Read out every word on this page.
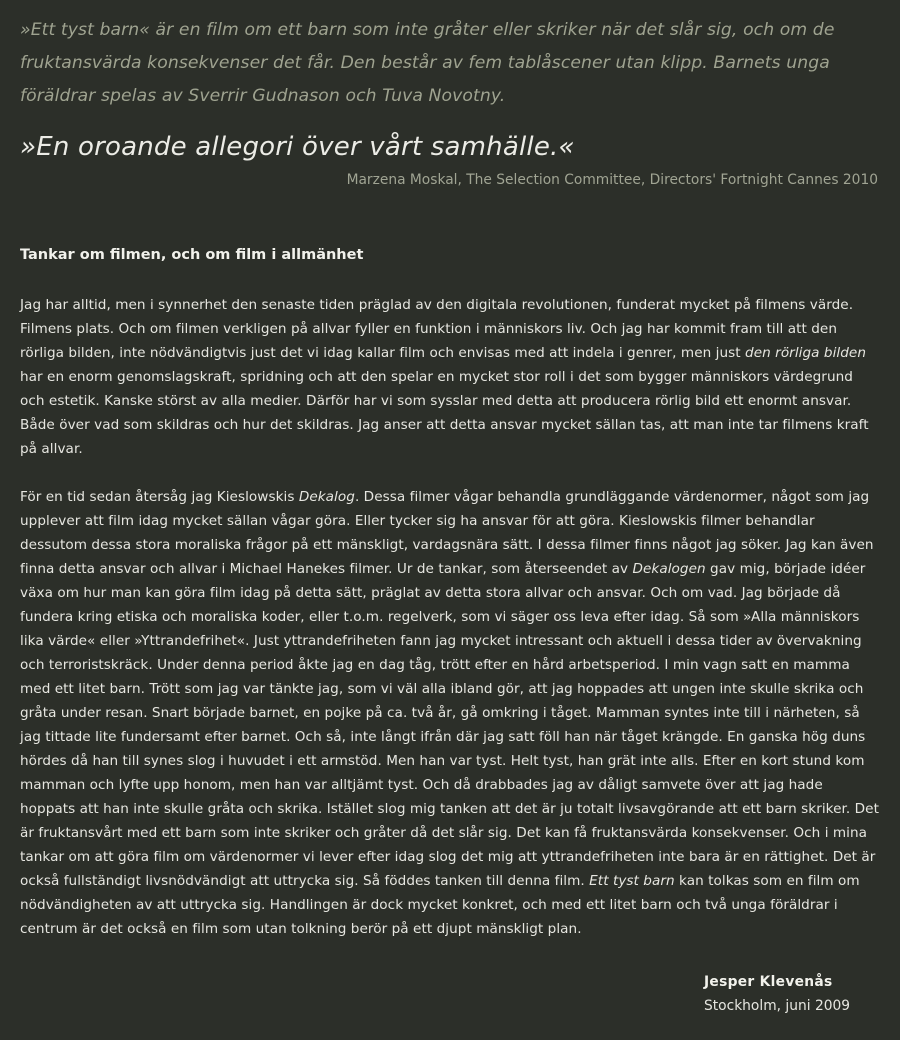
»Ett tyst barn« är en film om ett barn som inte gråter eller skriker när det slår sig, och om de fruktansvärda konsekvenser det får. Den består av fem tablåscener utan klipp. Barnets unga föräldrar spelas av Sverrir Gudnason och Tuva Novotny.

»En oroande allegori över vårt samhälle.«

Marzena Moskal, The Selection Committee, Directors' Fortnight Cannes 2010

Tankar om filmen, och om film i allmänhet

Jag har alltid, men i synnerhet den senaste tiden präglad av den digitala revolutionen, funderat mycket på filmens värde. Filmens plats. Och om filmen verkligen på allvar fyller en funktion i människors liv. Och jag har kommit fram till att den rörliga bilden, inte nödvändigtvis just det vi idag kallar film och envisas med att indela i genrer, men just den rörliga bilden har en enorm genomslagskraft, spridning och att den spelar en mycket stor roll i det som bygger människors värdegrund och estetik. Kanske störst av alla medier. Därför har vi som sysslar med detta att producera rörlig bild ett enormt ansvar. Både över vad som skildras och hur det skildras. Jag anser att detta ansvar mycket sällan tas, att man inte tar filmens kraft på allvar.

För en tid sedan återsåg jag Kieslowskis Dekalog. Dessa filmer vågar behandla grundläggande värdenormer, något som jag upplever att film idag mycket sällan vågar göra. Eller tycker sig ha ansvar för att göra. Kieslowskis filmer behandlar dessutom dessa stora moraliska frågor på ett mänskligt, vardagsnära sätt. I dessa filmer finns något jag söker. Jag kan även finna detta ansvar och allvar i Michael Hanekes filmer. Ur de tankar, som återseendet av Dekalogen gav mig, började idéer växa om hur man kan göra film idag på detta sätt, präglat av detta stora allvar och ansvar. Och om vad. Jag började då fundera kring etiska och moraliska koder, eller t.o.m. regelverk, som vi säger oss leva efter idag. Så som »Alla människors lika värde« eller »Yttrandefrihet«. Just yttrandefriheten fann jag mycket intressant och aktuell i dessa tider av övervakning och terroristskräck. Under denna period åkte jag en dag tåg, trött efter en hård arbetsperiod. I min vagn satt en mamma med ett litet barn. Trött som jag var tänkte jag, som vi väl alla ibland gör, att jag hoppades att ungen inte skulle skrika och gråta under resan. Snart började barnet, en pojke på ca. två år, gå omkring i tåget. Mamman syntes inte till i närheten, så jag tittade lite fundersamt efter barnet. Och så, inte långt ifrån där jag satt föll han när tåget krängde. En ganska hög duns hördes då han till synes slog i huvudet i ett armstöd. Men han var tyst. Helt tyst, han grät inte alls. Efter en kort stund kom mamman och lyfte upp honom, men han var alltjämt tyst. Och då drabbades jag av dåligt samvete över att jag hade hoppats att han inte skulle gråta och skrika. Istället slog mig tanken att det är ju totalt livsavgörande att ett barn skriker. Det är fruktansvårt med ett barn som inte skriker och gråter då det slår sig. Det kan få fruktansvärda konsekvenser. Och i mina tankar om att göra film om värdenormer vi lever efter idag slog det mig att yttrandefriheten inte bara är en rättighet. Det är också fullständigt livsnödvändigt att uttrycka sig. Så föddes tanken till denna film. Ett tyst barn kan tolkas som en film om nödvändigheten av att uttrycka sig. Handlingen är dock mycket konkret, och med ett litet barn och två unga föräldrar i centrum är det också en film som utan tolkning berör på ett djupt mänskligt plan.

Jesper Klevenås
Stockholm, juni 2009
